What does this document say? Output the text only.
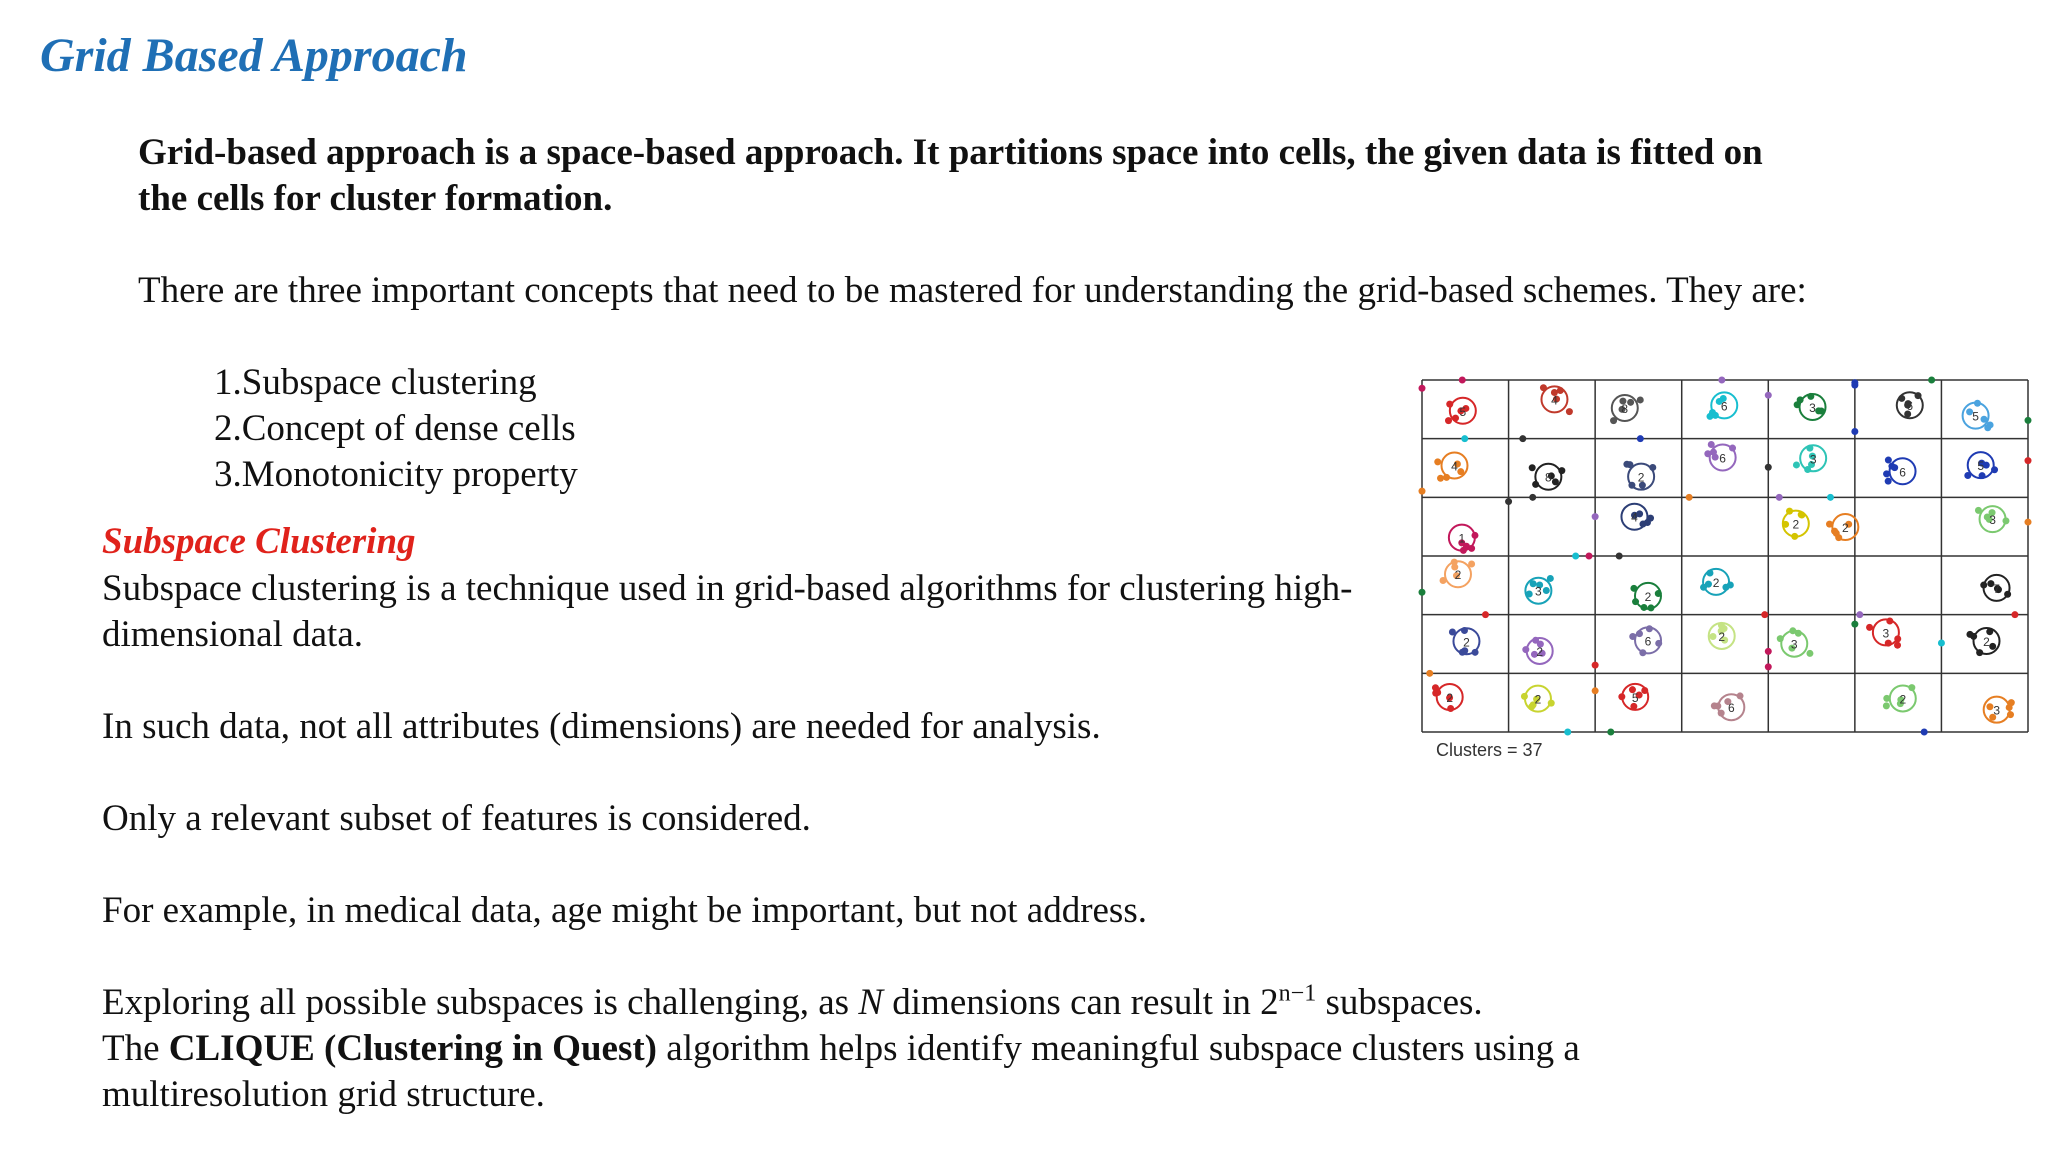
Grid Based Approach
Grid-based approach is a space-based approach. It partitions space into cells, the given data is fitted on the cells for cluster formation.
There are three important concepts that need to be mastered for understanding the grid-based schemes. They are:
1.Subspace clustering
2.Concept of dense cells
3.Monotonicity property
Subspace Clustering

Subspace clustering is a technique used in grid-based algorithms for clustering high-dimensional data.

In such data, not all attributes (dimensions) are needed for analysis.

Only a relevant subset of features is considered.

For example, in medical data, age might be important, but not address.

Exploring all possible subspaces is challenging, as N dimensions can result in $2^{n-1}$ subspaces.
The CLIQUE (Clustering in Quest) algorithm helps identify meaningful subspace clusters using a multiresolution grid structure.

5
4
8	6	3	6
5
4
8	2
6	3
6	5
1
4	2	2
3
2
3	2
2	7
2	6	2
3
3
2
2	2	5
6
2
3
2
Clusters = 37
